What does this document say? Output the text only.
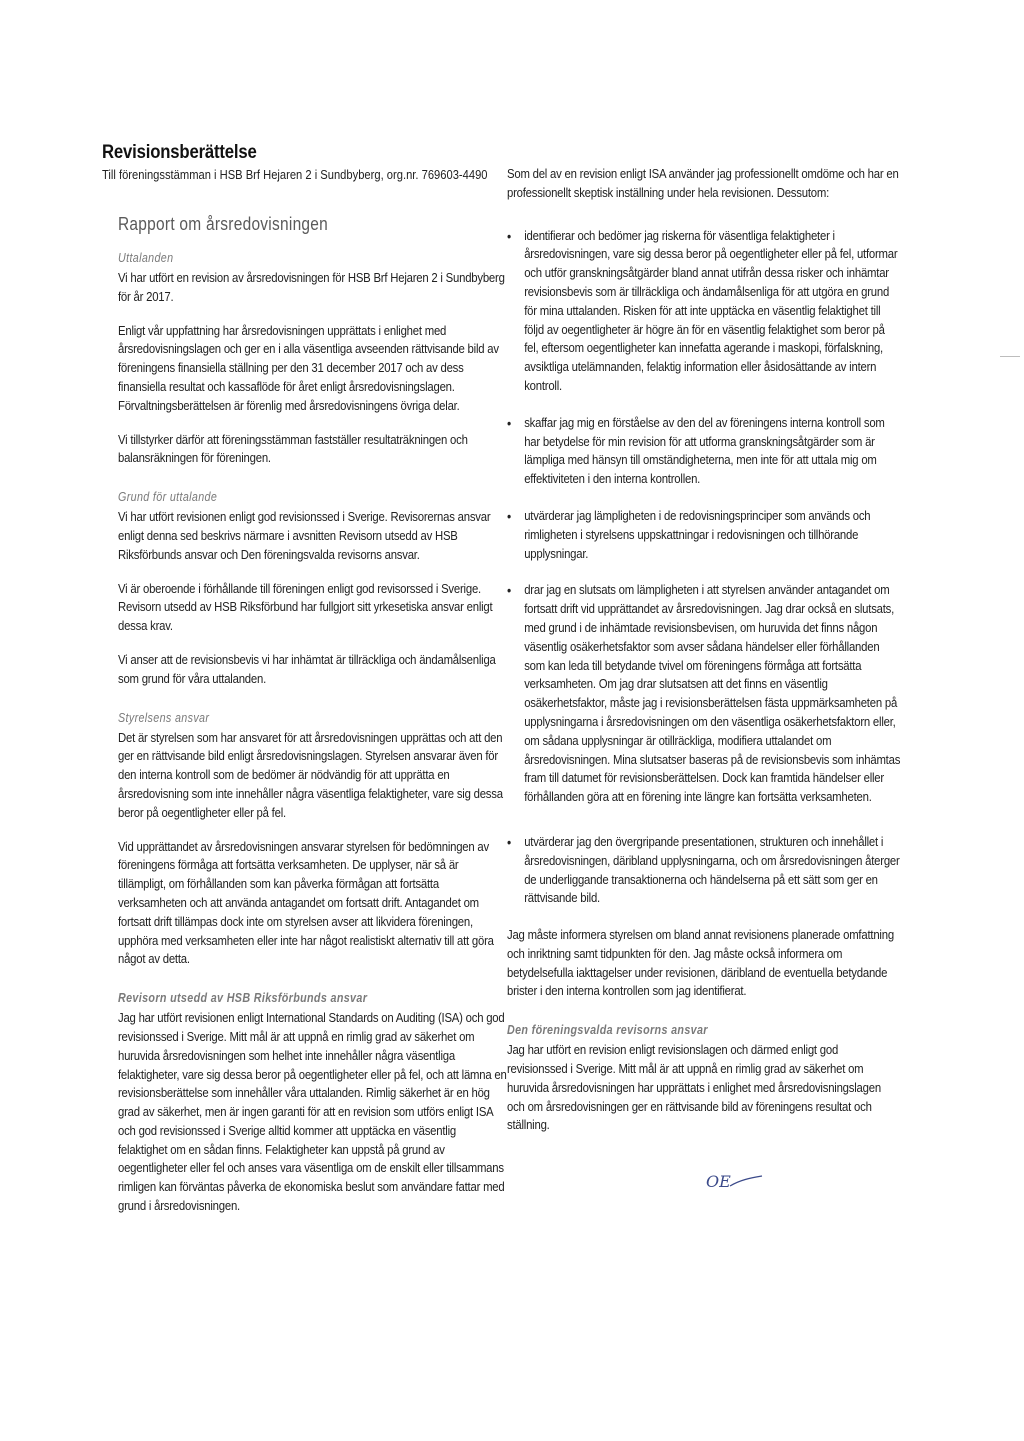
Revisionsberättelse
Till föreningsstämman i HSB Brf Hejaren 2 i Sundbyberg, org.nr. 769603-4490
Rapport om årsredovisningen
Uttalanden

Vi har utfört en revision av årsredovisningen för HSB Brf Hejaren 2 i Sundbyberg för år 2017.

Enligt vår uppfattning har årsredovisningen upprättats i enlighet med årsredovisningslagen och ger en i alla väsentliga avseenden rättvisande bild av föreningens finansiella ställning per den 31 december 2017 och av dess finansiella resultat och kassaflöde för året enligt årsredovisningslagen. Förvaltningsberättelsen är förenlig med årsredovisningens övriga delar.

Vi tillstyrker därför att föreningsstämman fastställer resultaträkningen och balansräkningen för föreningen.

Grund för uttalande

Vi har utfört revisionen enligt god revisionssed i Sverige. Revisorernas ansvar enligt denna sed beskrivs närmare i avsnitten Revisorn utsedd av HSB Riksförbunds ansvar och Den föreningsvalda revisorns ansvar.

Vi är oberoende i förhållande till föreningen enligt god revisorssed i Sverige. Revisorn utsedd av HSB Riksförbund har fullgjort sitt yrkesetiska ansvar enligt dessa krav.

Vi anser att de revisionsbevis vi har inhämtat är tillräckliga och ändamålsenliga som grund för våra uttalanden.

Styrelsens ansvar

Det är styrelsen som har ansvaret för att årsredovisningen upprättas och att den ger en rättvisande bild enligt årsredovisningslagen. Styrelsen ansvarar även för den interna kontroll som de bedömer är nödvändig för att upprätta en årsredovisning som inte innehåller några väsentliga felaktigheter, vare sig dessa beror på oegentligheter eller på fel.

Vid upprättandet av årsredovisningen ansvarar styrelsen för bedömningen av föreningens förmåga att fortsätta verksamheten. De upplyser, när så är tillämpligt, om förhållanden som kan påverka förmågan att fortsätta verksamheten och att använda antagandet om fortsatt drift. Antagandet om fortsatt drift tillämpas dock inte om styrelsen avser att likvidera föreningen, upphöra med verksamheten eller inte har något realistiskt alternativ till att göra något av detta.

Revisorn utsedd av HSB Riksförbunds ansvar

Jag har utfört revisionen enligt International Standards on Auditing (ISA) och god revisionssed i Sverige. Mitt mål är att uppnå en rimlig grad av säkerhet om huruvida årsredovisningen som helhet inte innehåller några väsentliga felaktigheter, vare sig dessa beror på oegentligheter eller på fel, och att lämna en revisionsberättelse som innehåller våra uttalanden. Rimlig säkerhet är en hög grad av säkerhet, men är ingen garanti för att en revision som utförs enligt ISA och god revisionssed i Sverige alltid kommer att upptäcka en väsentlig felaktighet om en sådan finns. Felaktigheter kan uppstå på grund av oegentligheter eller fel och anses vara väsentliga om de enskilt eller tillsammans rimligen kan förväntas påverka de ekonomiska beslut som användare fattar med grund i årsredovisningen.

Som del av en revision enligt ISA använder jag professionellt omdöme och har en professionellt skeptisk inställning under hela revisionen. Dessutom:

• identifierar och bedömer jag riskerna för väsentliga felaktigheter i årsredovisningen, vare sig dessa beror på oegentligheter eller på fel, utformar och utför granskningsåtgärder bland annat utifrån dessa risker och inhämtar revisionsbevis som är tillräckliga och ändamålsenliga för att utgöra en grund för mina uttalanden. Risken för att inte upptäcka en väsentlig felaktighet till följd av oegentligheter är högre än för en väsentlig felaktighet som beror på fel, eftersom oegentligheter kan innefatta agerande i maskopi, förfalskning, avsiktliga utelämnanden, felaktig information eller åsidosättande av intern kontroll.
• skaffar jag mig en förståelse av den del av föreningens interna kontroll som har betydelse för min revision för att utforma granskningsåtgärder som är lämpliga med hänsyn till omständigheterna, men inte för att uttala mig om effektiviteten i den interna kontrollen.
• utvärderar jag lämpligheten i de redovisningsprinciper som används och rimligheten i styrelsens uppskattningar i redovisningen och tillhörande upplysningar.
• drar jag en slutsats om lämpligheten i att styrelsen använder antagandet om fortsatt drift vid upprättandet av årsredovisningen. Jag drar också en slutsats, med grund i de inhämtade revisionsbevisen, om huruvida det finns någon väsentlig osäkerhetsfaktor som avser sådana händelser eller förhållanden som kan leda till betydande tvivel om föreningens förmåga att fortsätta verksamheten. Om jag drar slutsatsen att det finns en väsentlig osäkerhetsfaktor, måste jag i revisionsberättelsen fästa uppmärksamheten på upplysningarna i årsredovisningen om den väsentliga osäkerhetsfaktorn eller, om sådana upplysningar är otillräckliga, modifiera uttalandet om årsredovisningen. Mina slutsatser baseras på de revisionsbevis som inhämtas fram till datumet för revisionsberättelsen. Dock kan framtida händelser eller förhållanden göra att en förening inte längre kan fortsätta verksamheten.
• utvärderar jag den övergripande presentationen, strukturen och innehållet i årsredovisningen, däribland upplysningarna, och om årsredovisningen återger de underliggande transaktionerna och händelserna på ett sätt som ger en rättvisande bild.

Jag måste informera styrelsen om bland annat revisionens planerade omfattning och inriktning samt tidpunkten för den. Jag måste också informera om betydelsefulla iakttagelser under revisionen, däribland de eventuella betydande brister i den interna kontrollen som jag identifierat.

Den föreningsvalda revisorns ansvar

Jag har utfört en revision enligt revisionslagen och därmed enligt god revisionssed i Sverige. Mitt mål är att uppnå en rimlig grad av säkerhet om huruvida årsredovisningen har upprättats i enlighet med årsredovisningslagen och om årsredovisningen ger en rättvisande bild av föreningens resultat och ställning.

OE
